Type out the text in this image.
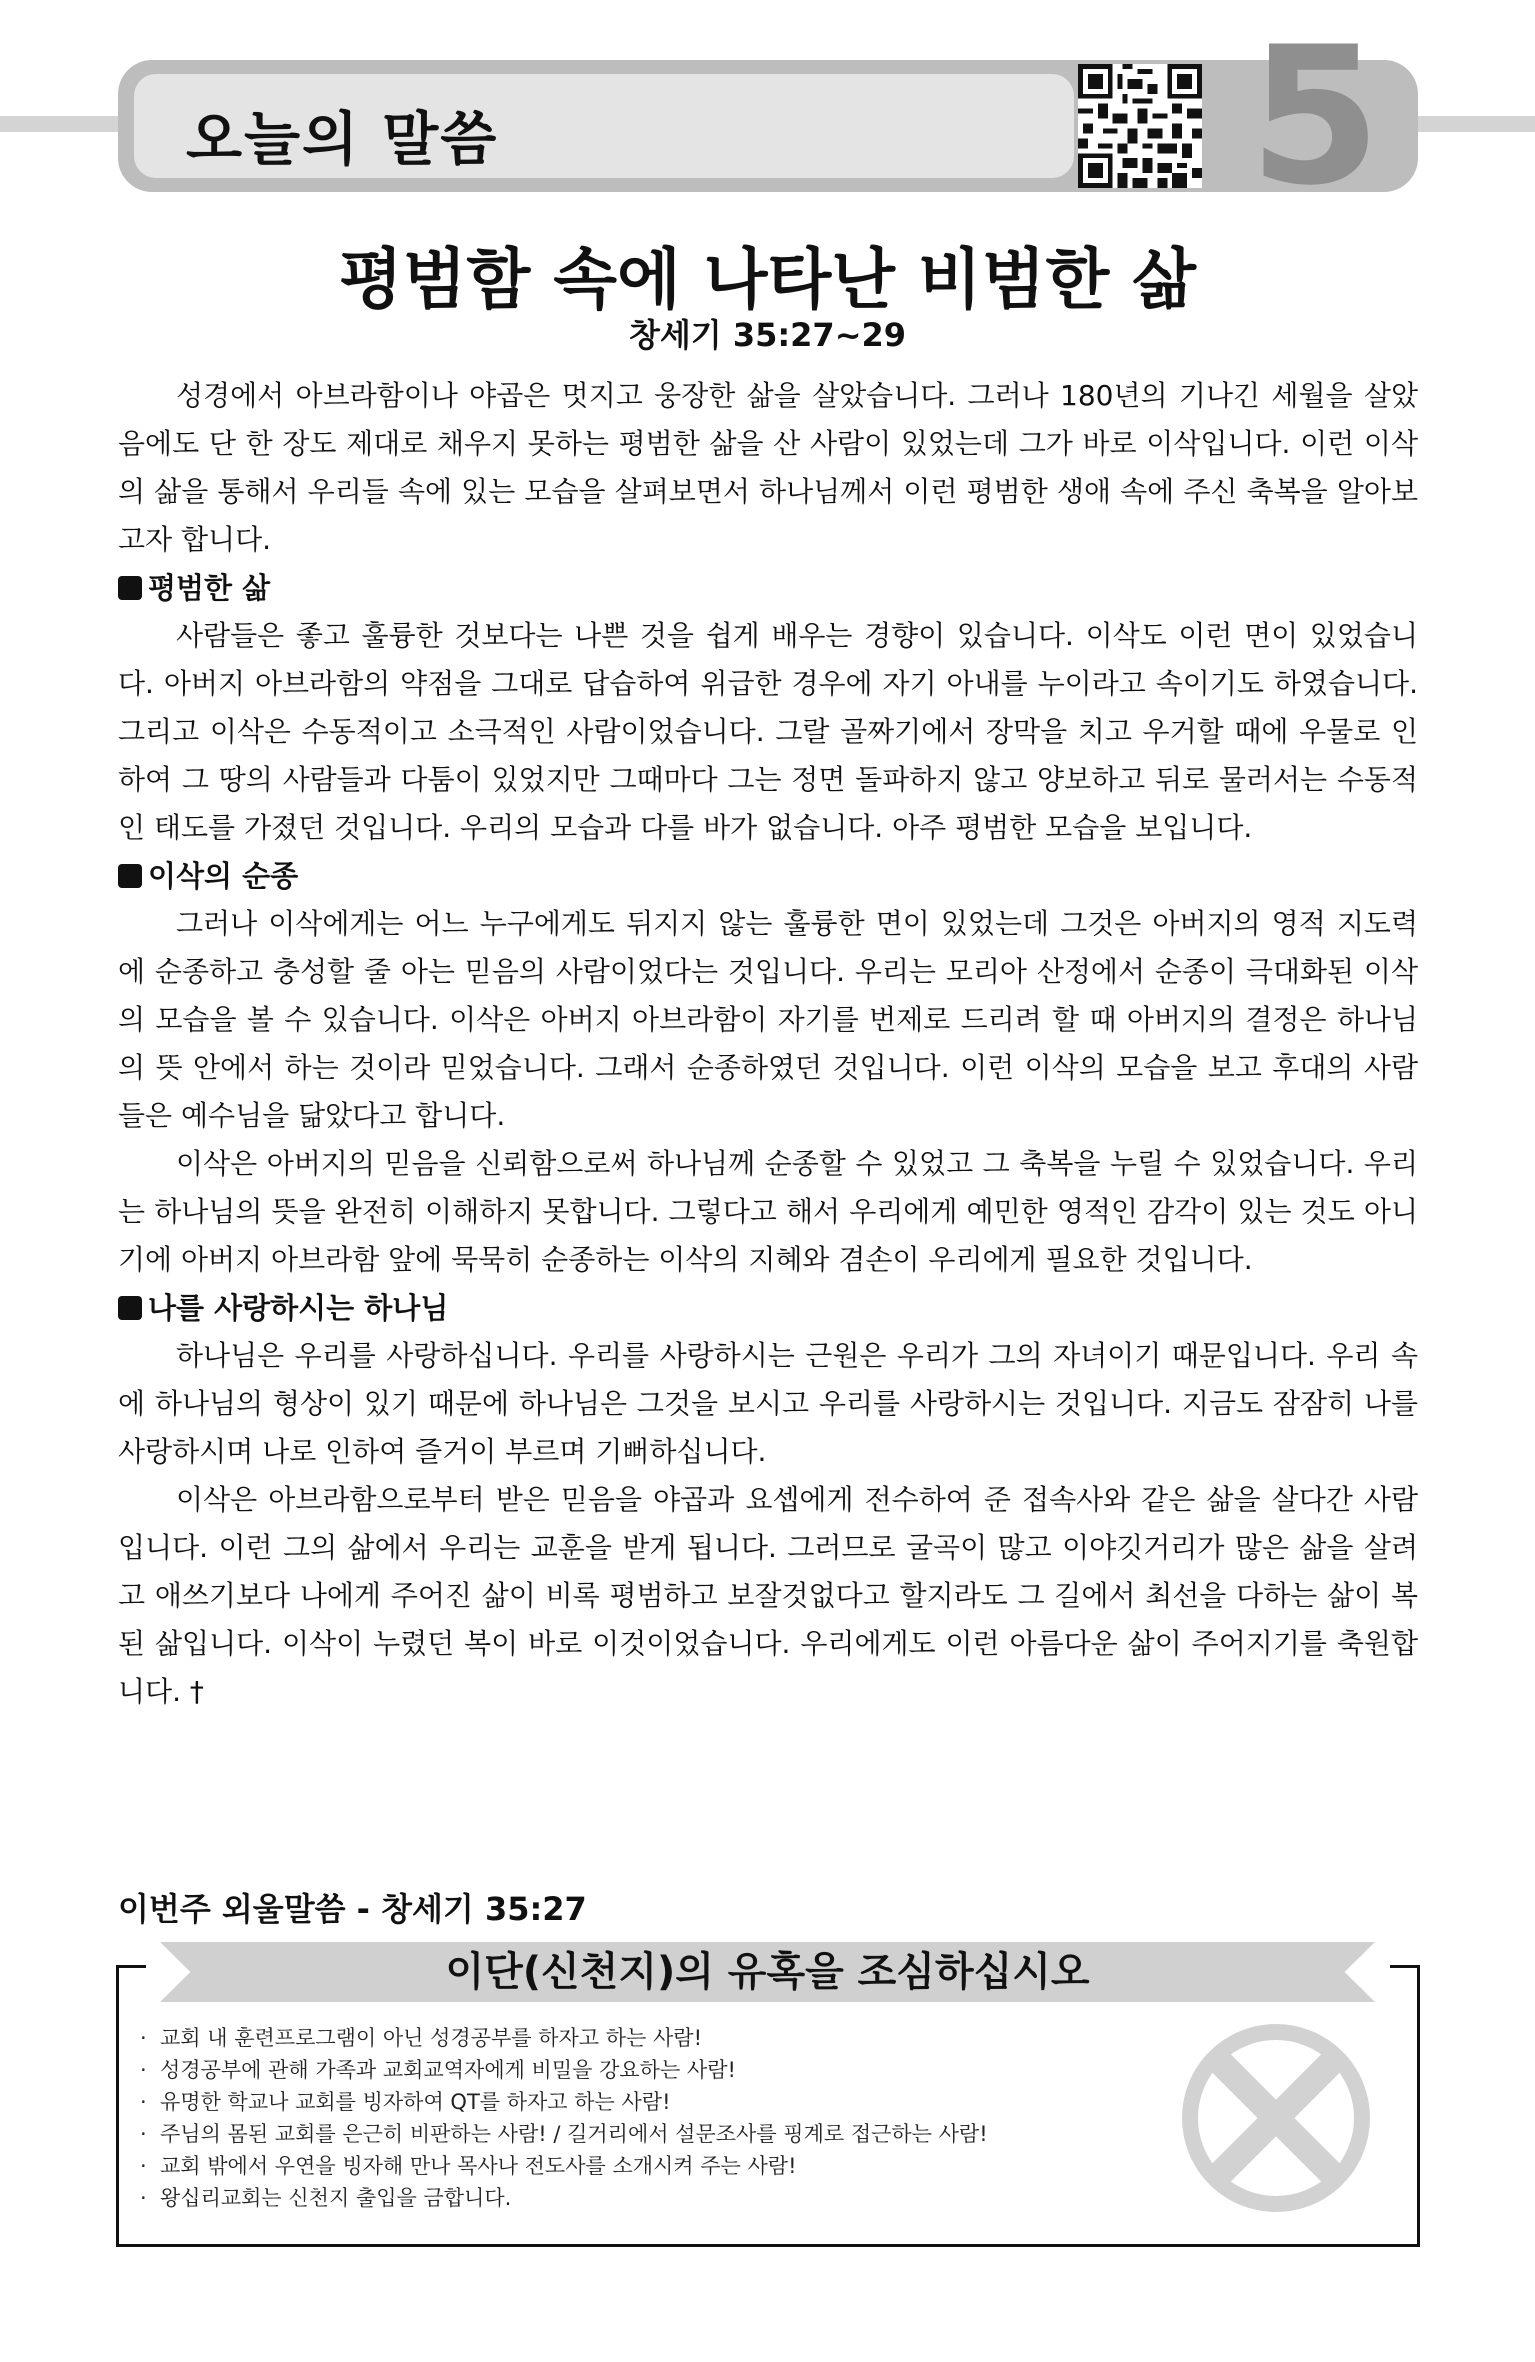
오늘의 말씀	5
평범함 속에 나타난 비범한 삶
창세기 35:27~29

성경에서 아브라함이나 야곱은 멋지고 웅장한 삶을 살았습니다. 그러나 180년의 기나긴 세월을 살았음에도 단 한 장도 제대로 채우지 못하는 평범한 삶을 산 사람이 있었는데 그가 바로 이삭입니다. 이런 이삭의 삶을 통해서 우리들 속에 있는 모습을 살펴보면서 하나님께서 이런 평범한 생애 속에 주신 축복을 알아보고자 합니다.

평범한 삶

사람들은 좋고 훌륭한 것보다는 나쁜 것을 쉽게 배우는 경향이 있습니다. 이삭도 이런 면이 있었습니다. 아버지 아브라함의 약점을 그대로 답습하여 위급한 경우에 자기 아내를 누이라고 속이기도 하였습니다. 그리고 이삭은 수동적이고 소극적인 사람이었습니다. 그랄 골짜기에서 장막을 치고 우거할 때에 우물로 인하여 그 땅의 사람들과 다툼이 있었지만 그때마다 그는 정면 돌파하지 않고 양보하고 뒤로 물러서는 수동적인 태도를 가졌던 것입니다. 우리의 모습과 다를 바가 없습니다. 아주 평범한 모습을 보입니다.

이삭의 순종

그러나 이삭에게는 어느 누구에게도 뒤지지 않는 훌륭한 면이 있었는데 그것은 아버지의 영적 지도력에 순종하고 충성할 줄 아는 믿음의 사람이었다는 것입니다. 우리는 모리아 산정에서 순종이 극대화된 이삭의 모습을 볼 수 있습니다. 이삭은 아버지 아브라함이 자기를 번제로 드리려 할 때 아버지의 결정은 하나님의 뜻 안에서 하는 것이라 믿었습니다. 그래서 순종하였던 것입니다. 이런 이삭의 모습을 보고 후대의 사람들은 예수님을 닮았다고 합니다.

이삭은 아버지의 믿음을 신뢰함으로써 하나님께 순종할 수 있었고 그 축복을 누릴 수 있었습니다. 우리는 하나님의 뜻을 완전히 이해하지 못합니다. 그렇다고 해서 우리에게 예민한 영적인 감각이 있는 것도 아니기에 아버지 아브라함 앞에 묵묵히 순종하는 이삭의 지혜와 겸손이 우리에게 필요한 것입니다.

나를 사랑하시는 하나님

하나님은 우리를 사랑하십니다. 우리를 사랑하시는 근원은 우리가 그의 자녀이기 때문입니다. 우리 속에 하나님의 형상이 있기 때문에 하나님은 그것을 보시고 우리를 사랑하시는 것입니다. 지금도 잠잠히 나를 사랑하시며 나로 인하여 즐거이 부르며 기뻐하십니다.

이삭은 아브라함으로부터 받은 믿음을 야곱과 요셉에게 전수하여 준 접속사와 같은 삶을 살다간 사람입니다. 이런 그의 삶에서 우리는 교훈을 받게 됩니다. 그러므로 굴곡이 많고 이야깃거리가 많은 삶을 살려고 애쓰기보다 나에게 주어진 삶이 비록 평범하고 보잘것없다고 할지라도 그 길에서 최선을 다하는 삶이 복된 삶입니다. 이삭이 누렸던 복이 바로 이것이었습니다. 우리에게도 이런 아름다운 삶이 주어지기를 축원합니다. †

이번주 외울말씀 - 창세기 35:27
이단(신천지)의 유혹을 조심하십시오
· 교회 내 훈련프로그램이 아닌 성경공부를 하자고 하는 사람!
· 성경공부에 관해 가족과 교회교역자에게 비밀을 강요하는 사람!
· 유명한 학교나 교회를 빙자하여 QT를 하자고 하는 사람!
· 주님의 몸된 교회를 은근히 비판하는 사람! / 길거리에서 설문조사를 핑계로 접근하는 사람!
· 교회 밖에서 우연을 빙자해 만나 목사나 전도사를 소개시켜 주는 사람!
· 왕십리교회는 신천지 출입을 금합니다.
